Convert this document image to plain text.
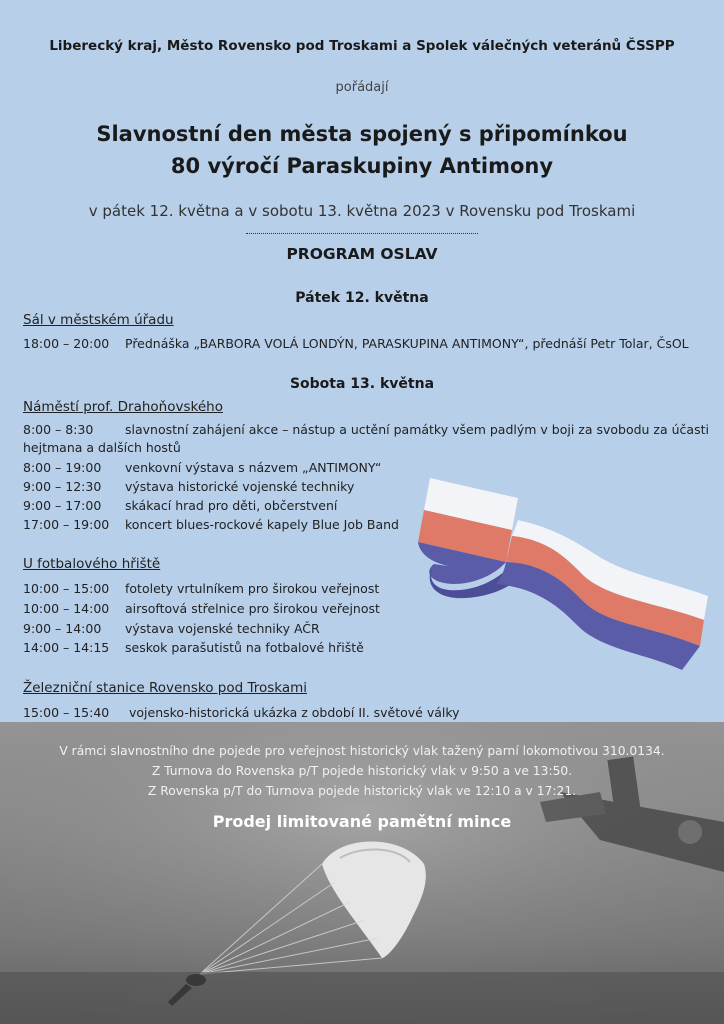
Liberecký kraj, Město Rovensko pod Troskami a Spolek válečných veteránů ČSSPP
pořádají
Slavnostní den města spojený s připomínkou
80 výročí Paraskupiny Antimony
v pátek 12. května a v sobotu 13. května 2023 v Rovensku pod Troskami
PROGRAM OSLAV
Pátek 12. května
Sál v městském úřadu
18:00 – 20:00 Přednáška „BARBORA VOLÁ LONDÝN, PARASKUPINA ANTIMONY“, přednáší Petr Tolar, ČsOL
Sobota 13. května
Náměstí prof. Drahoňovského
8:00 – 8:30	slavnostní zahájení akce – nástup a uctění památky všem padlým v boji za svobodu za účasti hejtmana a dalších hostů
8:00 – 19:00 venkovní výstava s názvem „ANTIMONY“
9:00 – 12:30 výstava historické vojenské techniky
9:00 – 17:00 skákací hrad pro děti, občerstvení
17:00 – 19:00 koncert blues-rockové kapely Blue Job Band
U fotbalového hřiště
10:00 – 15:00 fotolety vrtulníkem pro širokou veřejnost
10:00 – 14:00 airsoftová střelnice pro širokou veřejnost
9:00 – 14:00 výstava vojenské techniky AČR
14:00 – 14:15 seskok parašutistů na fotbalové hřiště
Železniční stanice Rovensko pod Troskami
15:00 – 15:40 vojensko-historická ukázka z období II. světové války
V rámci slavnostního dne pojede pro veřejnost historický vlak tažený parní lokomotivou 310.0134.
Z Turnova do Rovenska p/T pojede historický vlak v 9:50 a ve 13:50.
Z Rovenska p/T do Turnova pojede historický vlak ve 12:10 a v 17:21.
Prodej limitované pamětní mince
